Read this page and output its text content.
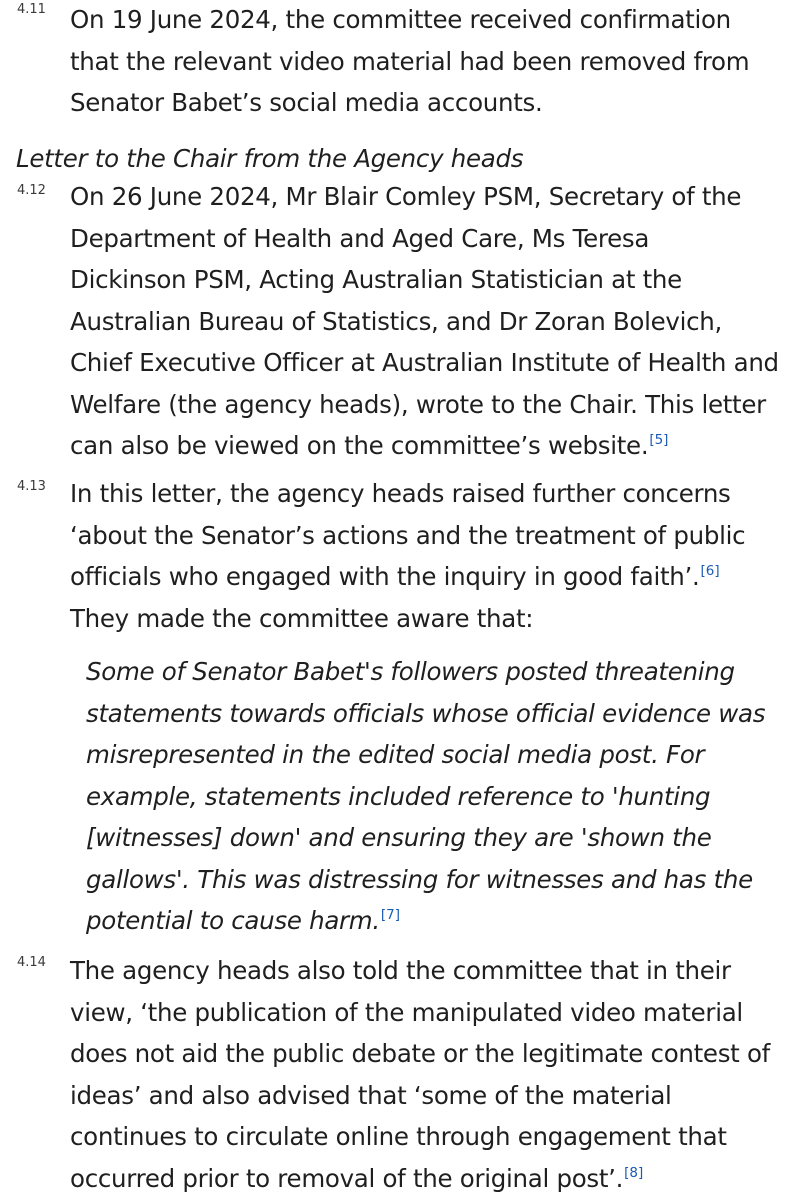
4.11 On 19 June 2024, the committee received confirmation
that the relevant video material had been removed from
Senator Babet’s social media accounts.
Letter to the Chair from the Agency heads
4.12 On 26 June 2024, Mr Blair Comley PSM, Secretary of the
Department of Health and Aged Care, Ms Teresa
Dickinson PSM, Acting Australian Statistician at the
Australian Bureau of Statistics, and Dr Zoran Bolevich,
Chief Executive Officer at Australian Institute of Health and
Welfare (the agency heads), wrote to the Chair. This letter
can also be viewed on the committee’s website.[5]
4.13 In this letter, the agency heads raised further concerns
‘about the Senator’s actions and the treatment of public
officials who engaged with the inquiry in good faith’.[6]
They made the committee aware that:
Some of Senator Babet's followers posted threatening
statements towards officials whose official evidence was
misrepresented in the edited social media post. For
example, statements included reference to 'hunting
[witnesses] down' and ensuring they are 'shown the
gallows'. This was distressing for witnesses and has the
potential to cause harm.[7]
4.14 The agency heads also told the committee that in their
view, ‘the publication of the manipulated video material
does not aid the public debate or the legitimate contest of
ideas’ and also advised that ‘some of the material
continues to circulate online through engagement that
occurred prior to removal of the original post’.[8]
